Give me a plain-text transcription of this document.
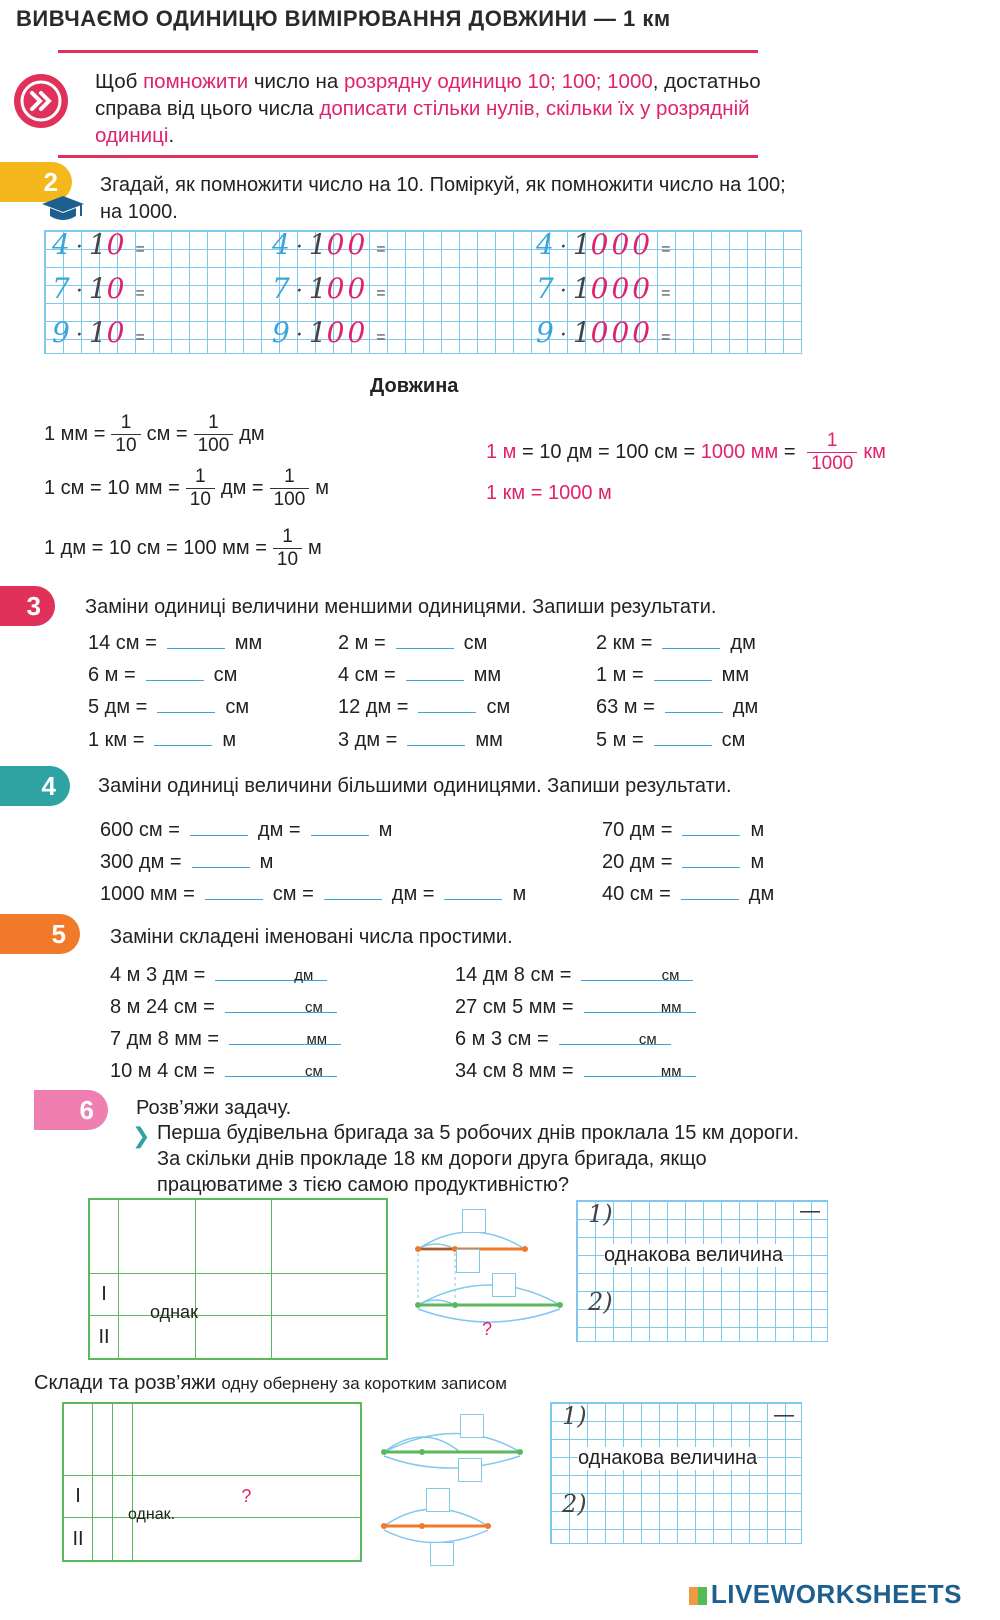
ВИВЧАЄМО ОДИНИЦЮ ВИМІРЮВАННЯ ДОВЖИНИ — 1 км
Щоб помножити число на розрядну одиницю 10; 100; 1000, достатньо справа від цього числа дописати стільки нулів, скільки їх у розрядній одиниці.
2	Згадай, як помножити число на 10. Поміркуй, як помножити число на 100; на 1000.
4 · 10 =	4 · 100 =	4 · 1000 =
7 · 10 =	7 · 100 =	7 · 1000 =
9 · 10 =	9 · 100 =	9 · 1000 =
Довжина
1 мм = $\frac{1}{10}$ см = $\frac{1}{100}$ дм
1 см = 10 мм = $\frac{1}{10}$ дм = $\frac{1}{100}$ м
1 дм = 10 см = 100 мм = $\frac{1}{10}$ м
1 м = 10 дм = 100 см = 1000 мм = $\frac{1}{1000}$ км
1 км = 1000 м
3	Заміни одиниці величини меншими одиницями. Запиши результати.
14 см =	мм
6 м =	см
5 дм =	см
1 км =	м
2 м =	см
4 см =	мм
12 дм =	см
3 дм =	мм
2 км =	дм
1 м =	мм
63 м =	дм
5 м =	см
4	Заміни одиниці величини більшими одиницями. Запиши результати.
600 см =	дм =	м
300 дм =	м
1000 мм =	см =	дм =	м
70 дм =	м
20 дм =	м
40 см =	дм
5	Заміни складені іменовані числа простими.
4 м 3 дм =	дм
8 м 24 см =	см
7 дм 8 мм =	мм
10 м 4 см =	см
14 дм 8 см =	см
27 см 5 мм =	мм
6 м 3 см =	см
34 см 8 мм =	мм
6	Розв’яжи задачу.
❯ Перша будівельна бригада за 5 робочих днів проклала 15 км дороги. За скільки днів прокладе 18 км дороги друга бригада, якщо працюватиме з тією самою продуктивністю?

I			
II			
однак
?
1)	—
однакова величина
2)
Склади та розв’яжи одну обернену за коротким записом

I			?
II			
однак.
1)	—
однакова величина
2)
LIVEWORKSHEETS
